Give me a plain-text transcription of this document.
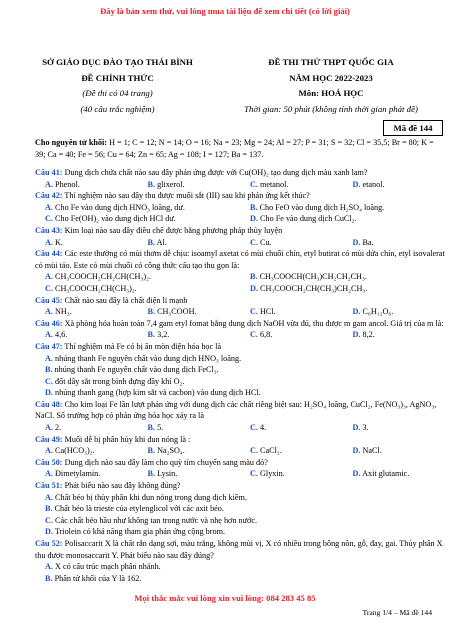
Đây là bản xem thử, vui lòng mua tài liệu để xem chi tiết (có lời giải)
SỞ GIÁO DỤC ĐÀO TẠO THÁI BÌNH
ĐỀ CHÍNH THỨC
(Đề thi có 04 trang)
(40 câu trắc nghiệm)
ĐỀ THI THỬ THPT QUỐC GIA
NĂM HỌC 2022-2023
Môn: HOÁ HỌC
Thời gian: 50 phút (không tính thời gian phát đề)
Mã đề 144
Cho nguyên tử khối: H = 1; C = 12; N = 14; O = 16; Na = 23; Mg = 24; Al = 27; P = 31; S = 32; Cl = 35,5; Br = 80; K = 39; Ca = 40; Fe = 56; Cu = 64; Zn = 65; Ag = 108; I = 127; Ba = 137.
Câu 41: Dung dịch chứa chất nào sau đây phản ứng được với Cu(OH)₂ tạo dung dịch màu xanh lam?
A. Phenol.	B. glixerol.	C. metanol.	D. etanol.
Câu 42: Thí nghiệm nào sau đây thu được muối sắt (III) sau khi phản ứng kết thúc?
A. Cho Fe vào dung dịch HNO₃ loãng, dư.	B. Cho FeO vào dung dịch H₂SO₄ loãng.
C. Cho Fe(OH)₂ vào dung dịch HCl dư.	D. Cho Fe vào dung dịch CuCl₂.
Câu 43: Kim loại nào sau đây điều chế được bằng phương pháp thủy luyện
A. K.	B. Al.	C. Cu.	D. Ba.
Câu 44: Các este thường có mùi thơm dễ chịu: isoamyl axetat có mùi chuối chín, etyl butirat có mùi dứa chín, etyl isovalerat có mùi táo. Este có mùi chuối có công thức cấu tạo thu gọn là:
A. CH₃COOCH₂CH₂CH(CH₃)₂.	B. CH₃COOCH(CH₃)CH₂CH₂CH₃.
C. CH₃COOCH₂CH(CH₃)₂.	D. CH₃COOCH₂CH(CH₃)CH₂CH₃.
Câu 45: Chất nào sau đây là chất điện li mạnh
A. NH₃.	B. CH₃COOH.	C. HCl.	D. C₆H₁₂O₆.
Câu 46: Xà phòng hóa hoàn toàn 7,4 gam etyl fomat bằng dung dịch NaOH vừa đủ, thu được m gam ancol. Giá trị của m là:
A. 4,6.	B. 3,2.	C. 6,8.	D. 8,2.
Câu 47: Thí nghiệm mà Fe có bị ăn mòn điện hóa học là
A. nhúng thanh Fe nguyên chất vào dung dịch HNO₃ loãng.
B. nhúng thanh Fe nguyên chất vào dung dịch FeCl₃.
C. đốt dây sắt trong bình đựng đầy khí O₂.
D. nhúng thanh gang (hợp kim sắt và cacbon) vào dung dịch HCl.
Câu 48: Cho kim loại Fe lần lượt phản ứng với dung dịch các chất riêng biệt sau: H₂SO₄ loãng, CuCl₂, Fe(NO₃)₃, AgNO₃, NaCl. Số trường hợp có phản ứng hóa học xảy ra là
A. 2.	B. 5.	C. 4.	D. 3.
Câu 49: Muối dễ bị phân hủy khi đun nóng là :
A. Ca(HCO₃)₂.	B. Na₂SO₄.	C. CaCl₂.	D. NaCl.
Câu 50: Dung dịch nào sau đây làm cho quỳ tím chuyển sang màu đỏ?
A. Đimetylamin.	B. Lysin.	C. Glyxin.	D. Axit glutamic.
Câu 51: Phát biểu nào sau đây không đúng?
A. Chất béo bị thủy phân khi đun nóng trong dung dịch kiềm.
B. Chất béo là trieste của etylenglicol với các axit béo.
C. Các chất béo hầu như không tan trong nước và nhẹ hơn nước.
D. Triolein có khả năng tham gia phản ứng cộng brom.
Câu 52: Polisaccarit X là chất rắn dạng sợi, màu trắng, không mùi vị, X có nhiều trong bông nõn, gỗ, đay, gai. Thủy phân X thu được monosaccarit Y. Phát biểu nào sau đây đúng?
A. X có cấu trúc mạch phân nhánh.
B. Phân tử khối của Y là 162.
Mọi thắc mắc vui lòng xin vui lòng: 084 283 45 85
Trang 1/4 – Mã đề 144
